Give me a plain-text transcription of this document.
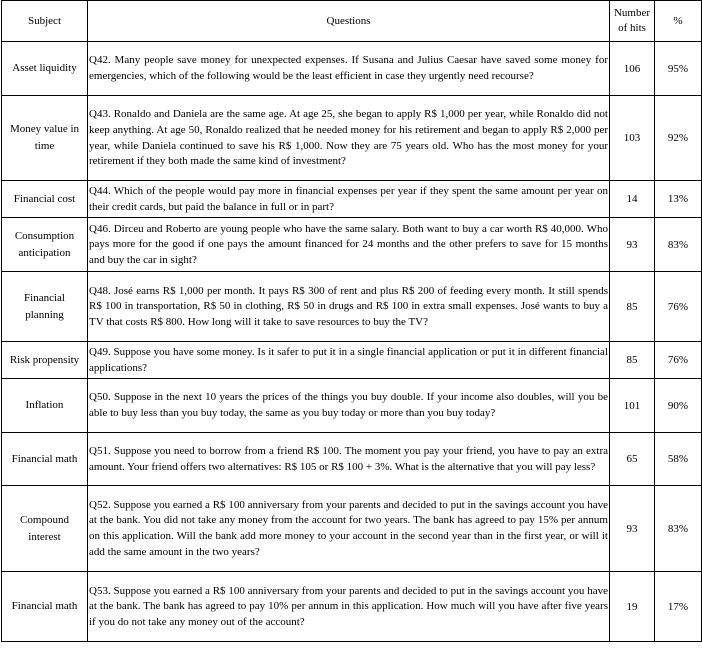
Subject	Questions	Number of hits	%
Asset liquidity	Q42. Many people save money for unexpected expenses. If Susana and Julius Caesar have saved some money for emergencies, which of the following would be the least efficient in case they urgently need recourse?	106	95%
Money value in time	Q43. Ronaldo and Daniela are the same age. At age 25, she began to apply R$ 1,000 per year, while Ronaldo did not keep anything. At age 50, Ronaldo realized that he needed money for his retirement and began to apply R$ 2,000 per year, while Daniela continued to save his R$ 1,000. Now they are 75 years old. Who has the most money for your retirement if they both made the same kind of investment?	103	92%
Financial cost	Q44. Which of the people would pay more in financial expenses per year if they spent the same amount per year on their credit cards, but paid the balance in full or in part?	14	13%
Consumption anticipation	Q46. Dirceu and Roberto are young people who have the same salary. Both want to buy a car worth R$ 40,000. Who pays more for the good if one pays the amount financed for 24 months and the other prefers to save for 15 months and buy the car in sight?	93	83%
Financial planning	Q48. José earns R$ 1,000 per month. It pays R$ 300 of rent and plus R$ 200 of feeding every month. It still spends R$ 100 in transportation, R$ 50 in clothing, R$ 50 in drugs and R$ 100 in extra small expenses. José wants to buy a TV that costs R$ 800. How long will it take to save resources to buy the TV?	85	76%
Risk propensity	Q49. Suppose you have some money. Is it safer to put it in a single financial application or put it in different financial applications?	85	76%
Inflation	Q50. Suppose in the next 10 years the prices of the things you buy double. If your income also doubles, will you be able to buy less than you buy today, the same as you buy today or more than you buy today?	101	90%
Financial math	Q51. Suppose you need to borrow from a friend R$ 100. The moment you pay your friend, you have to pay an extra amount. Your friend offers two alternatives: R$ 105 or R$ 100 + 3%. What is the alternative that you will pay less?	65	58%
Compound interest	Q52. Suppose you earned a R$ 100 anniversary from your parents and decided to put in the savings account you have at the bank. You did not take any money from the account for two years. The bank has agreed to pay 15% per annum on this application. Will the bank add more money to your account in the second year than in the first year, or will it add the same amount in the two years?	93	83%
Financial math	Q53. Suppose you earned a R$ 100 anniversary from your parents and decided to put in the savings account you have at the bank. The bank has agreed to pay 10% per annum in this application. How much will you have after five years if you do not take any money out of the account?	19	17%
